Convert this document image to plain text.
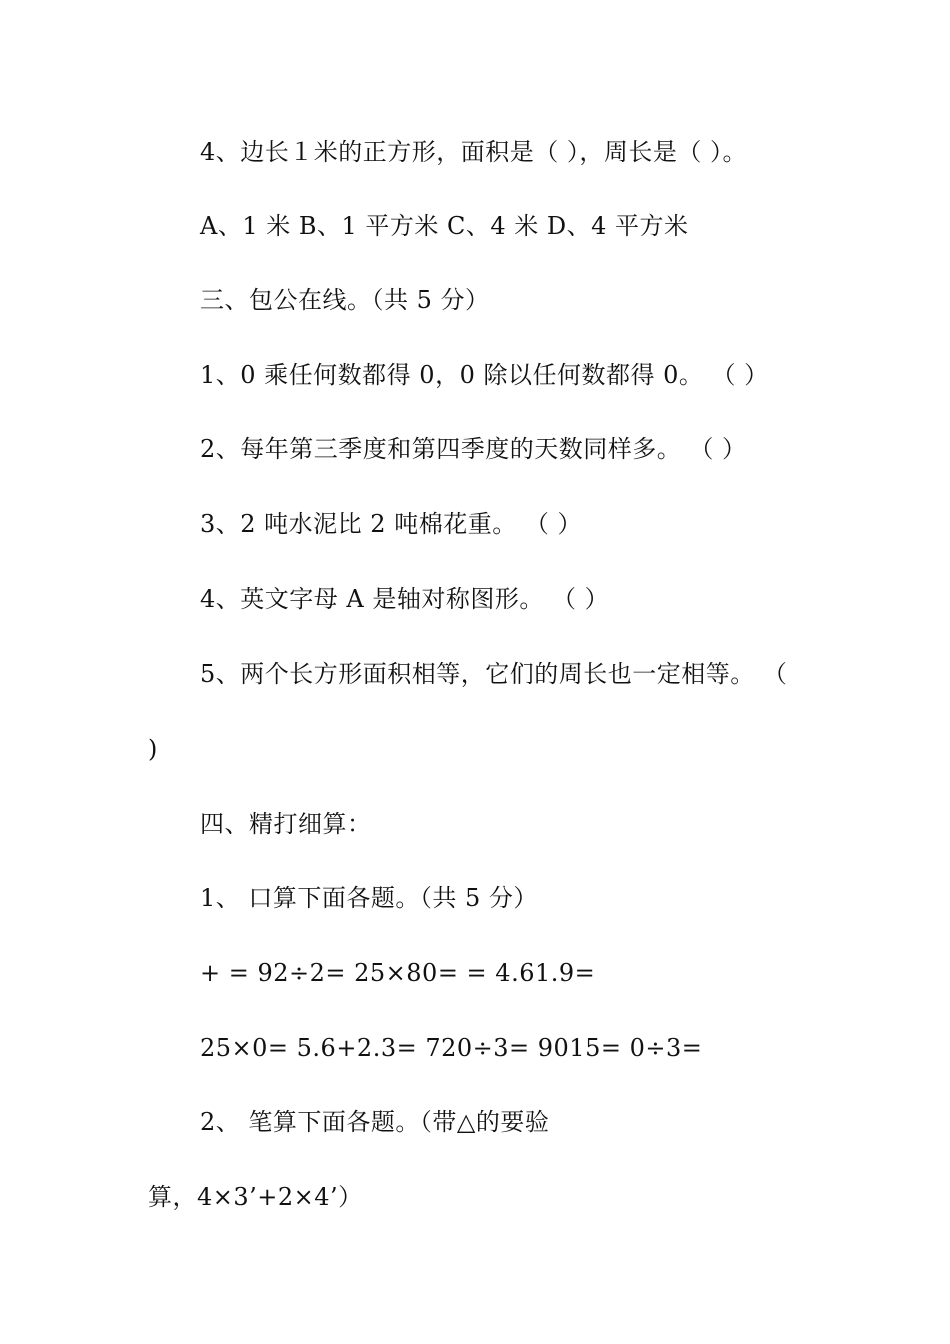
4、边长１米的正方形，面积是（ ），周长是（ ）。
A、1 米 B、1 平方米 C、4 米 D、4 平方米
三、包公在线。（共 5 分）
1、0 乘任何数都得 0，0 除以任何数都得 0。 （ ）
2、每年第三季度和第四季度的天数同样多。 （ ）
3、2 吨水泥比 2 吨棉花重。 （ ）
4、英文字母 A 是轴对称图形。 （ ）
5、两个长方形面积相等，它们的周长也一定相等。 （
)
四、精打细算：
1、 口算下面各题。（共 5 分）
+ = 92÷2= 25×80= = 4.61.9=
25×0= 5.6+2.3= 720÷3= 9015= 0÷3=
2、 笔算下面各题。（带△的要验
算，4×3’+2×4’）
